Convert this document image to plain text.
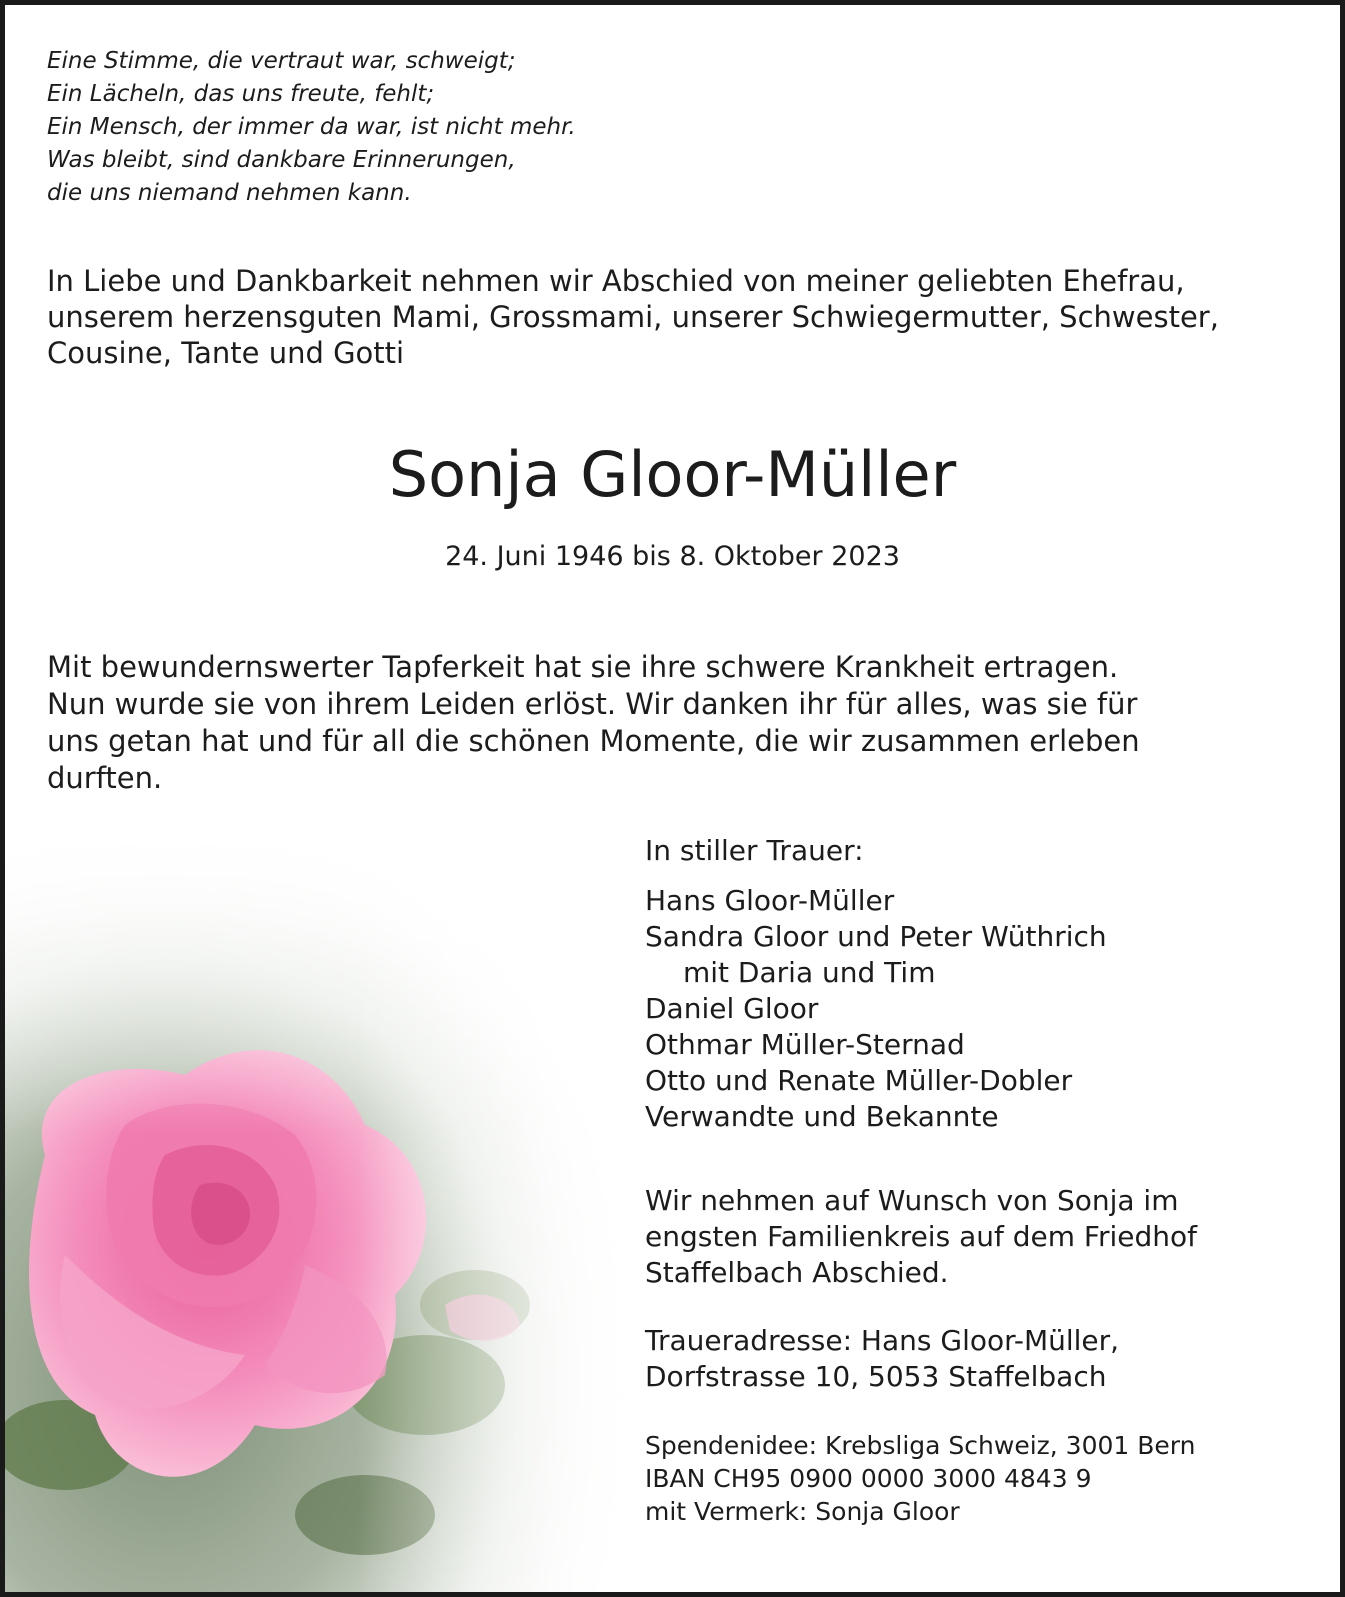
Eine Stimme, die vertraut war, schweigt;
Ein Lächeln, das uns freute, fehlt;
Ein Mensch, der immer da war, ist nicht mehr.
Was bleibt, sind dankbare Erinnerungen,
die uns niemand nehmen kann.
In Liebe und Dankbarkeit nehmen wir Abschied von meiner geliebten Ehefrau,
unserem herzensguten Mami, Grossmami, unserer Schwiegermutter, Schwester,
Cousine, Tante und Gotti
Sonja Gloor-Müller
24. Juni 1946 bis 8. Oktober 2023
Mit bewundernswerter Tapferkeit hat sie ihre schwere Krankheit ertragen.
Nun wurde sie von ihrem Leiden erlöst. Wir danken ihr für alles, was sie für
uns getan hat und für all die schönen Momente, die wir zusammen erleben
durften.
In stiller Trauer:
Hans Gloor-Müller
Sandra Gloor und Peter Wüthrich
mit Daria und Tim
Daniel Gloor
Othmar Müller-Sternad
Otto und Renate Müller-Dobler
Verwandte und Bekannte
Wir nehmen auf Wunsch von Sonja im
engsten Familienkreis auf dem Friedhof
Staffelbach Abschied.
Traueradresse: Hans Gloor-Müller,
Dorfstrasse 10, 5053 Staffelbach
Spendenidee: Krebsliga Schweiz, 3001 Bern
IBAN CH95 0900 0000 3000 4843 9
mit Vermerk: Sonja Gloor
